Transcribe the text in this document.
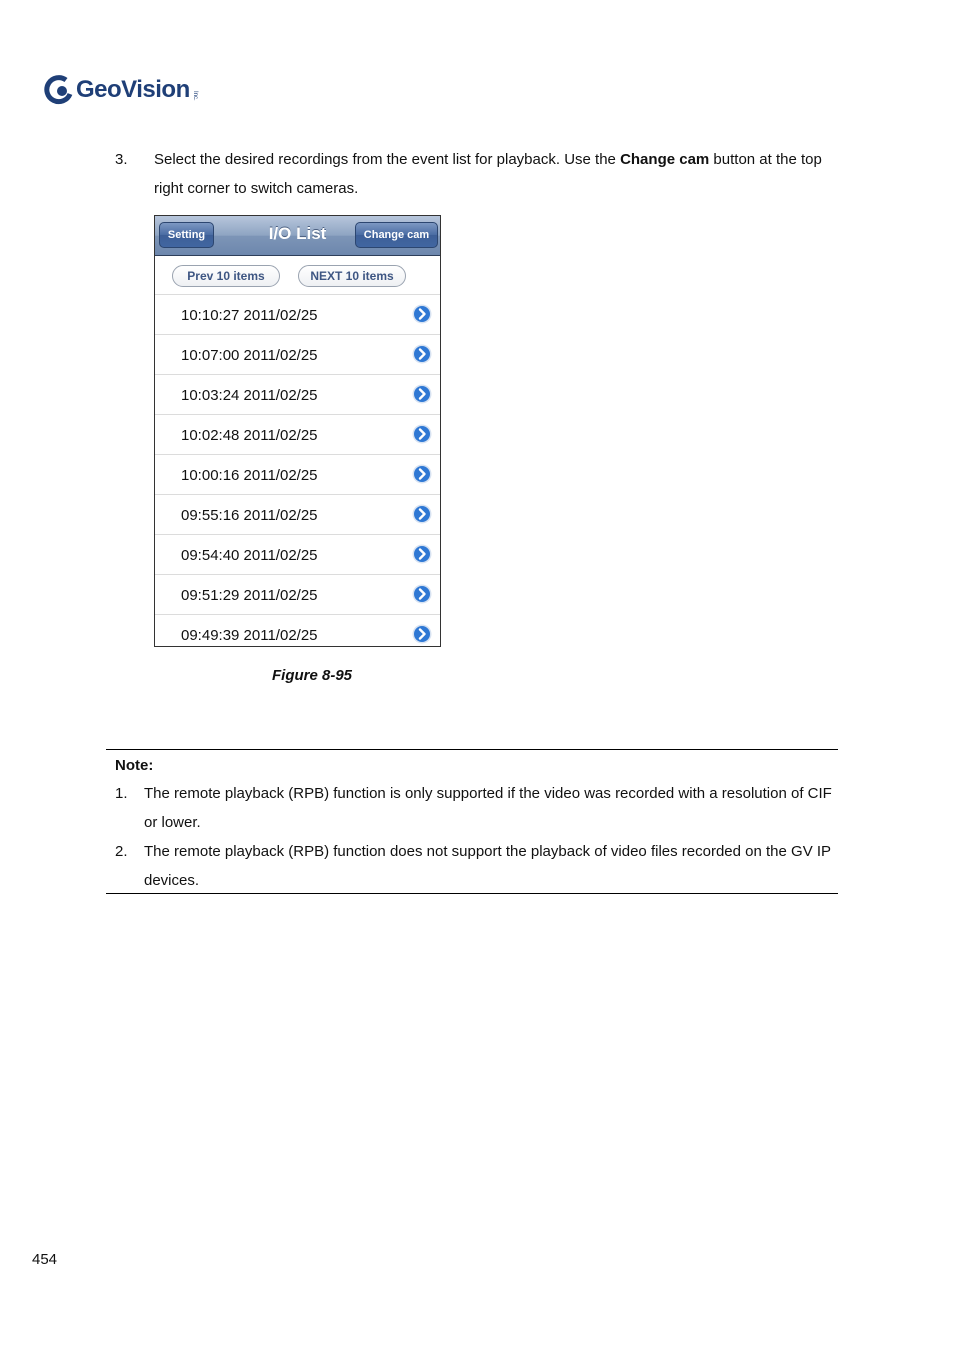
GeoVision Inc.
3. Select the desired recordings from the event list for playback. Use the Change cam button at the top right corner to switch cameras.
Setting	I/O List	Change cam
Prev 10 items	NEXT 10 items
10:10:27 2011/02/25
10:07:00 2011/02/25
10:03:24 2011/02/25
10:02:48 2011/02/25
10:00:16 2011/02/25
09:55:16 2011/02/25
09:54:40 2011/02/25
09:51:29 2011/02/25
09:49:39 2011/02/25
Figure 8-95
Note:
1. The remote playback (RPB) function is only supported if the video was recorded with a resolution of CIF or lower.
2. The remote playback (RPB) function does not support the playback of video files recorded on the GV IP devices.
454
